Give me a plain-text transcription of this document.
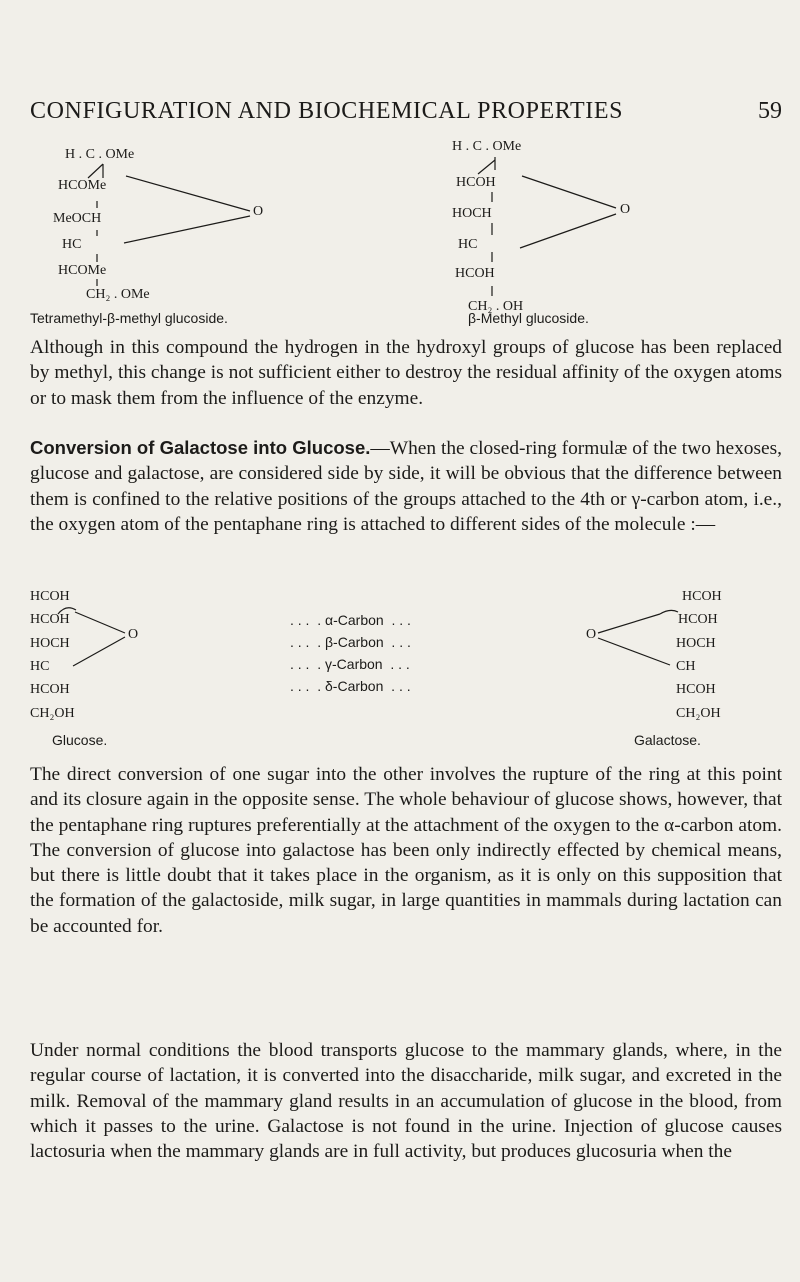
CONFIGURATION AND BIOCHEMICAL PROPERTIES	59
H . C . OMe
HCOMe
MeOCH
HC
HCOMe
CH₂ . OMe
O
Tetramethyl-β-methyl glucoside.
H . C . OMe
HCOH
HOCH
HC
HCOH
CH₂ . OH
O
β-Methyl glucoside.

Although in this compound the hydrogen in the hydroxyl groups of glucose has been replaced by methyl, this change is not sufficient either to destroy the residual affinity of the oxygen atoms or to mask them from the influence of the enzyme.

Conversion of Galactose into Glucose.—When the closed-ring formulæ of the two hexoses, glucose and galactose, are considered side by side, it will be obvious that the difference between them is confined to the relative positions of the groups attached to the 4th or γ-carbon atom, i.e., the oxygen atom of the pentaphane ring is attached to different sides of the molecule :—

HCOH
HCOH
HOCH
HC
HCOH
CH₂OH
O
Glucose.
. . .  . α-Carbon  . . .
. . .  . β-Carbon  . . .
. . .  . γ-Carbon  . . .
. . .  . δ-Carbon  . . .
HCOH
HCOH
HOCH
CH
HCOH
CH₂OH
O
Galactose.

The direct conversion of one sugar into the other involves the rupture of the ring at this point and its closure again in the opposite sense. The whole behaviour of glucose shows, however, that the pentaphane ring ruptures preferentially at the attachment of the oxygen to the α-carbon atom. The conversion of glucose into galactose has been only indirectly effected by chemical means, but there is little doubt that it takes place in the organism, as it is only on this supposition that the formation of the galactoside, milk sugar, in large quantities in mammals during lactation can be accounted for.

Under normal conditions the blood transports glucose to the mammary glands, where, in the regular course of lactation, it is converted into the disaccharide, milk sugar, and excreted in the milk. Removal of the mammary gland results in an accumulation of glucose in the blood, from which it passes to the urine. Galactose is not found in the urine. Injection of glucose causes lactosuria when the mammary glands are in full activity, but produces glucosuria when the
